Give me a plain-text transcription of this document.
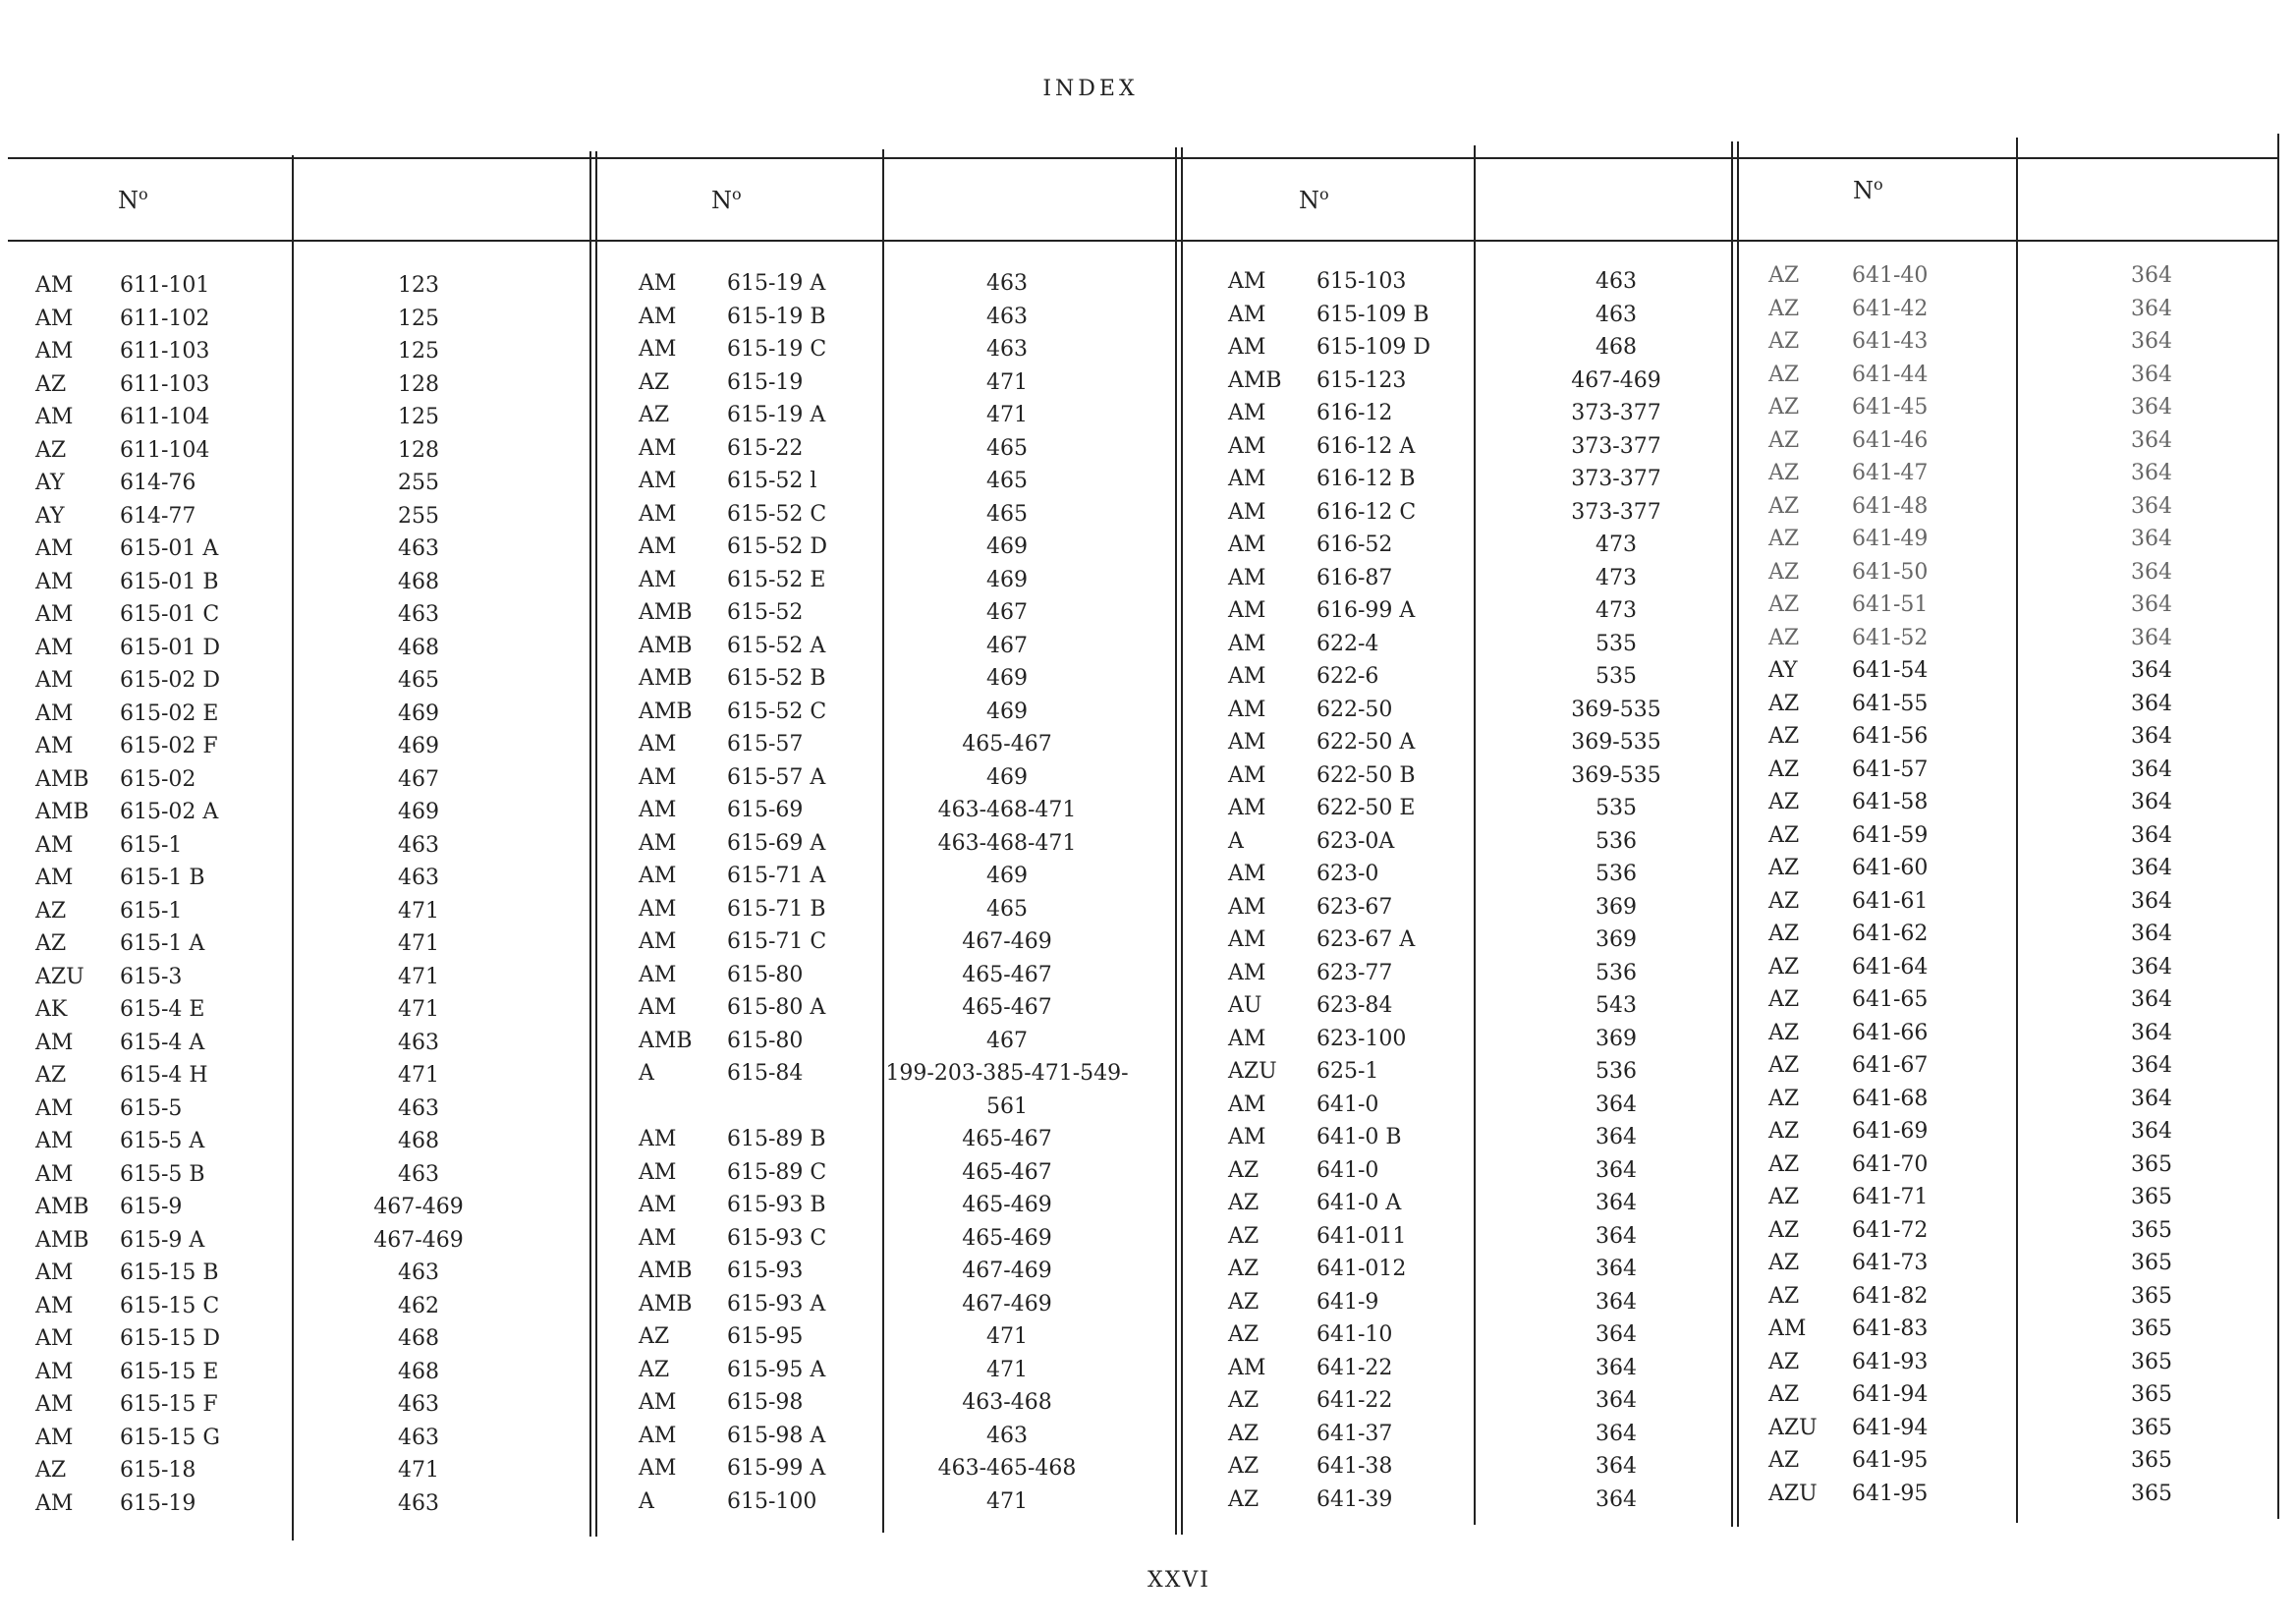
INDEX
$N^o$	$N^o$	$N^o$	$N^o$
AM 611-101	123
AM 611-102	125
AM 611-103	125
AZ 611-103	128
AM 611-104	125
AZ 611-104	128
AY	614-76	255
AY	614-77	255
AM 615-01 A	463
AM 615-01 B	468
AM 615-01 C	463
AM 615-01 D	468
AM 615-02 D	465
AM 615-02 E	469
AM 615-02 F	469
AMB 615-02	467
AMB 615-02 A	469
AM 615-1	463
AM 615-1 B	463
AZ 615-1	471
AZ 615-1 A	471
AZU 615-3	471
AK 615-4 E	471
AM 615-4 A	463
AZ 615-4 H	471
AM 615-5	463
AM 615-5 A	468
AM 615-5 B	463
AMB 615-9	467-469
AMB 615-9 A	467-469
AM 615-15 B	463
AM 615-15 C	462
AM 615-15 D	468
AM 615-15 E	468
AM 615-15 F	463
AM 615-15 G	463
AZ 615-18	471
AM 615-19	463
AM 615-19 A	463
AM 615-19 B	463
AM 615-19 C	463
AZ	615-19	471
AZ	615-19 A	471
AM 615-22	465
AM 615-52 l	465
AM 615-52 C	465
AM 615-52 D	469
AM 615-52 E	469
AMB 615-52	467
AMB 615-52 A	467
AMB 615-52 B	469
AMB 615-52 C	469
AM 615-57	465-467
AM 615-57 A	469
AM 615-69	463-468-471
AM 615-69 A	463-468-471
AM 615-71 A	469
AM 615-71 B	465
AM 615-71 C	467-469
AM 615-80	465-467
AM 615-80 A	465-467
AMB 615-80	467
A	615-84	199-203-385-471-549-
561
AM 615-89 B	465-467
AM 615-89 C	465-467
AM 615-93 B	465-469
AM 615-93 C	465-469
AMB 615-93	467-469
AMB 615-93 A	467-469
AZ	615-95	471
AZ	615-95 A	471
AM 615-98	463-468
AM 615-98 A	463
AM 615-99 A	463-465-468
A	615-100	471
AM 615-103	463
AM 615-109 B	463
AM 615-109 D	468
AMB 615-123	467-469
AM 616-12	373-377
AM 616-12 A	373-377
AM 616-12 B	373-377
AM 616-12 C	373-377
AM 616-52	473
AM 616-87	473
AM 616-99 A	473
AM 622-4	535
AM 622-6	535
AM 622-50	369-535
AM 622-50 A	369-535
AM 622-50 B	369-535
AM 622-50 E	535
A	623-0A	536
AM 623-0	536
AM 623-67	369
AM 623-67 A	369
AM 623-77	536
AU	623-84	543
AM 623-100	369
AZU 625-1	536
AM 641-0	364
AM 641-0 B	364
AZ	641-0	364
AZ	641-0 A	364
AZ	641-011	364
AZ	641-012	364
AZ	641-9	364
AZ	641-10	364
AM 641-22	364
AZ	641-22	364
AZ	641-37	364
AZ	641-38	364
AZ	641-39	364
AZ 641-40	364
AZ 641-42	364
AZ 641-43	364
AZ 641-44	364
AZ 641-45	364
AZ 641-46	364
AZ 641-47	364
AZ 641-48	364
AZ 641-49	364
AZ 641-50	364
AZ 641-51	364
AZ 641-52	364
AY	641-54	364
AZ 641-55	364
AZ 641-56	364
AZ 641-57	364
AZ 641-58	364
AZ 641-59	364
AZ 641-60	364
AZ 641-61	364
AZ 641-62	364
AZ 641-64	364
AZ 641-65	364
AZ 641-66	364
AZ 641-67	364
AZ 641-68	364
AZ 641-69	364
AZ 641-70	365
AZ 641-71	365
AZ 641-72	365
AZ 641-73	365
AZ 641-82	365
AM 641-83	365
AZ 641-93	365
AZ 641-94	365
AZU 641-94	365
AZ 641-95	365
AZU 641-95	365
XXVI
